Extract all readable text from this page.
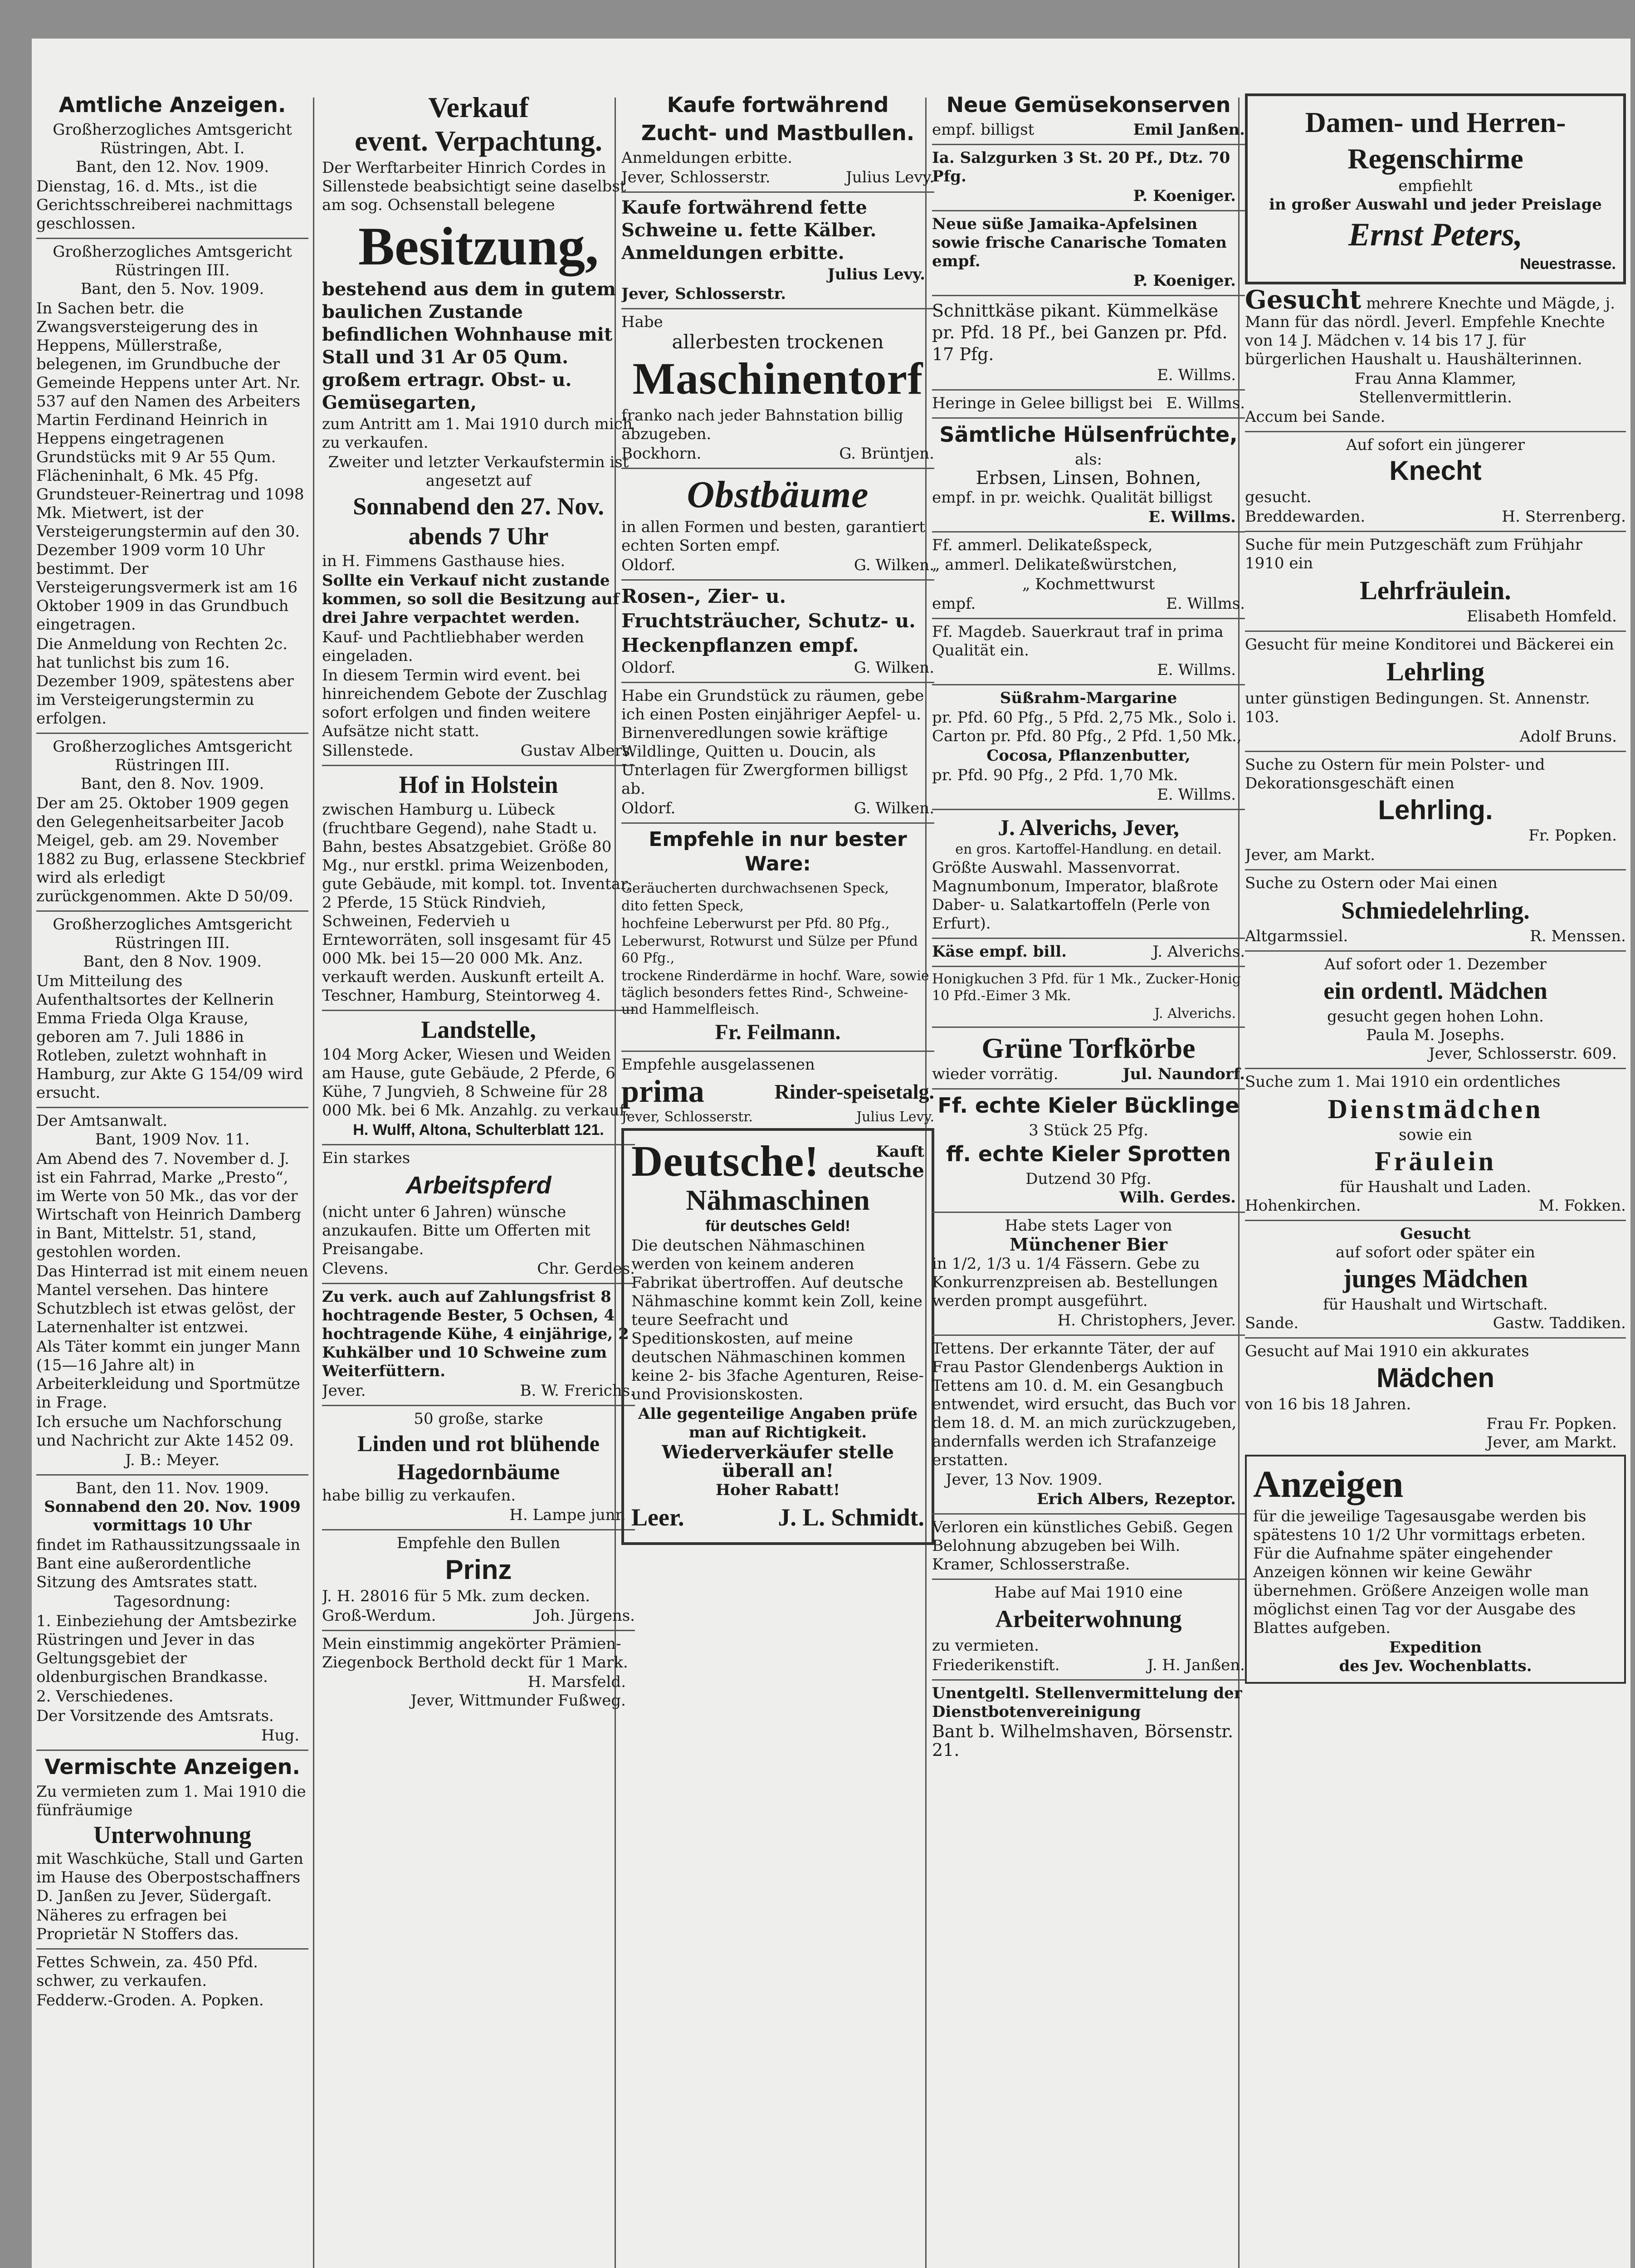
Amtliche Anzeigen.
Großherzogliches Amtsgericht
Rüstringen, Abt. I.
Bant, den 12. Nov. 1909.
Dienstag, 16. d. Mts., ist die Gerichtsschreiberei nachmittags geschlossen.
Großherzogliches Amtsgericht
Rüstringen III.
Bant, den 5. Nov. 1909.
In Sachen betr. die Zwangsversteigerung des in Heppens, Müllerstraße, belegenen, im Grundbuche der Gemeinde Heppens unter Art. Nr. 537 auf den Namen des Arbeiters Martin Ferdinand Heinrich in Heppens eingetragenen Grundstücks mit 9 Ar 55 Qum. Flächeninhalt, 6 Mk. 45 Pfg. Grundsteuer-Reinertrag und 1098 Mk. Mietwert, ist der Versteigerungstermin auf den 30. Dezember 1909 vorm 10 Uhr bestimmt. Der Versteigerungsvermerk ist am 16 Oktober 1909 in das Grundbuch eingetragen.
Die Anmeldung von Rechten 2c. hat tunlichst bis zum 16. Dezember 1909, spätestens aber im Versteigerungstermin zu erfolgen.
Großherzogliches Amtsgericht
Rüstringen III.
Bant, den 8. Nov. 1909.
Der am 25. Oktober 1909 gegen den Gelegenheitsarbeiter Jacob Meigel, geb. am 29. November 1882 zu Bug, erlassene Steckbrief wird als erledigt zurückgenommen. Akte D 50/09.
Großherzogliches Amtsgericht
Rüstringen III.
Bant, den 8 Nov. 1909.
Um Mitteilung des Aufenthaltsortes der Kellnerin Emma Frieda Olga Krause, geboren am 7. Juli 1886 in Rotleben, zuletzt wohnhaft in Hamburg, zur Akte G 154/09 wird ersucht.
Der Amtsanwalt.
Bant, 1909 Nov. 11.
Am Abend des 7. November d. J. ist ein Fahrrad, Marke „Presto“, im Werte von 50 Mk., das vor der Wirtschaft von Heinrich Damberg in Bant, Mittelstr. 51, stand, gestohlen worden.
Das Hinterrad ist mit einem neuen Mantel versehen. Das hintere Schutzblech ist etwas gelöst, der Laternenhalter ist entzwei.
Als Täter kommt ein junger Mann (15—16 Jahre alt) in Arbeiterkleidung und Sportmütze in Frage.
Ich ersuche um Nachforschung und Nachricht zur Akte 1452 09.
J. B.: Meyer.
Bant, den 11. Nov. 1909.
Sonnabend den 20. Nov. 1909 vormittags 10 Uhr
findet im Rathaussitzungssaale in Bant eine außerordentliche Sitzung des Amtsrates statt.
Tagesordnung:
1. Einbeziehung der Amtsbezirke Rüstringen und Jever in das Geltungsgebiet der oldenburgischen Brandkasse.
2. Verschiedenes.
Der Vorsitzende des Amtsrats.
Hug.
Vermischte Anzeigen.
Zu vermieten zum 1. Mai 1910 die fünfräumige
Unterwohnung
mit Waschküche, Stall und Garten im Hause des Oberpostschaffners D. Janßen zu Jever, Südergaſt.
Näheres zu erfragen bei Proprietär N Stoffers das.
Fettes Schwein, za. 450 Pfd. schwer, zu verkaufen.
Fedderw.-Groden. A. Popken.
Verkauf
event. Verpachtung.
Der Werftarbeiter Hinrich Cordes in Sillenstede beabsichtigt seine daselbst am sog. Ochsenstall belegene
Besitzung,
bestehend aus dem in gutem baulichen Zustande befindlichen Wohnhause mit Stall und 31 Ar 05 Qum. großem ertragr. Obst- u. Gemüsegarten,
zum Antritt am 1. Mai 1910 durch mich zu verkaufen.
Zweiter und letzter Verkaufstermin ist angesetzt auf
Sonnabend den 27. Nov.
abends 7 Uhr
in H. Fimmens Gasthause hies.
Sollte ein Verkauf nicht zustande kommen, so soll die Besitzung auf drei Jahre verpachtet werden.
Kauf- und Pachtliebhaber werden eingeladen.
In diesem Termin wird event. bei hinreichendem Gebote der Zuschlag sofort erfolgen und finden weitere Aufsätze nicht statt.
Sillenstede.	Gustav Albers.
Hof in Holstein
zwischen Hamburg u. Lübeck (fruchtbare Gegend), nahe Stadt u. Bahn, bestes Absatzgebiet. Größe 80 Mg., nur erstkl. prima Weizenboden, gute Gebäude, mit kompl. tot. Inventar, 2 Pferde, 15 Stück Rindvieh, Schweinen, Federvieh u Ernteworräten, soll insgesamt für 45 000 Mk. bei 15—20 000 Mk. Anz. verkauft werden. Auskunft erteilt A. Teschner, Hamburg, Steintorweg 4.
Landstelle,
104 Morg Acker, Wiesen und Weiden am Hause, gute Gebäude, 2 Pferde, 6 Kühe, 7 Jungvieh, 8 Schweine für 28 000 Mk. bei 6 Mk. Anzahlg. zu verkauf.
H. Wulff, Altona, Schulterblatt 121.
Ein starkes
Arbeitspferd
(nicht unter 6 Jahren) wünsche anzukaufen. Bitte um Offerten mit Preisangabe.
Clevens.	Chr. Gerdes.
Zu verk. auch auf Zahlungsfrist 8 hochtragende Bester, 5 Ochsen, 4 hochtragende Kühe, 4 einjährige, 2 Kuhkälber und 10 Schweine zum Weiterfüttern.
Jever.	B. W. Frerichs.
50 große, starke
Linden und rot blühende Hagedornbäume
habe billig zu verkaufen.
H. Lampe junr.
Empfehle den Bullen
Prinz
J. H. 28016 für 5 Mk. zum decken.
Groß-Werdum.	Joh. Jürgens.
Mein einstimmig angekörter Prämien-Ziegenbock Berthold deckt für 1 Mark.
H. Marsfeld.
Jever, Wittmunder Fußweg.
Kaufe fortwährend
Zucht- und Mastbullen.
Anmeldungen erbitte.
Jever, Schlosserstr.	Julius Levy.
Kaufe fortwährend fette Schweine u. fette Kälber. Anmeldungen erbitte.
Julius Levy.
Jever, Schlosserstr.
Habe
allerbesten trockenen
Maschinentorf
franko nach jeder Bahnstation billig abzugeben.
Bockhorn.	G. Brüntjen.
Obstbäume
in allen Formen und besten, garantiert echten Sorten empf.
Oldorf.	G. Wilken.
Rosen-, Zier- u. Fruchtsträucher, Schutz- u. Heckenpflanzen empf.
Oldorf.	G. Wilken.
Habe ein Grundstück zu räumen, gebe ich einen Posten einjähriger Aepfel- u. Birnenveredlungen sowie kräftige Wildlinge, Quitten u. Doucin, als Unterlagen für Zwergformen billigst ab.
Oldorf.	G. Wilken.
Empfehle in nur bester Ware:
Geräucherten durchwachsenen Speck,
dito fetten Speck,
hochfeine Leberwurst per Pfd. 80 Pfg.,
Leberwurst, Rotwurst und Sülze per Pfund 60 Pfg.,
trockene Rinderdärme in hochf. Ware, sowie täglich besonders fettes Rind-, Schweine- und Hammelfleisch.
Fr. Feilmann.
Empfehle ausgelassenen
prima	Rinder-speisetalg.
Jever, Schlosserstr.	Julius Levy.
Deutsche!	Kauft
deutsche
Nähmaschinen
für deutsches Geld!
Die deutschen Nähmaschinen werden von keinem anderen Fabrikat übertroffen. Auf deutsche Nähmaschine kommt kein Zoll, keine teure Seefracht und Speditionskosten, auf meine deutschen Nähmaschinen kommen keine 2- bis 3fache Agenturen, Reise- und Provisionskosten.
Alle gegenteilige Angaben prüfe man auf Richtigkeit.
Wiederverkäufer stelle überall an!
Hoher Rabatt!
Leer.	J. L. Schmidt.
Neue Gemüsekonserven
empf. billigst	Emil Janßen.
Ia. Salzgurken 3 St. 20 Pf., Dtz. 70 Pfg.
P. Koeniger.
Neue süße Jamaika-Apfelsinen sowie frische Canarische Tomaten empf.
P. Koeniger.
Schnittkäse pikant. Kümmelkäse pr. Pfd. 18 Pf., bei Ganzen pr. Pfd. 17 Pfg.
E. Willms.
Heringe in Gelee billigst bei E. Willms.
Sämtliche Hülsenfrüchte,
als:
Erbsen, Linsen, Bohnen,
empf. in pr. weichk. Qualität billigst
E. Willms.
Ff. ammerl. Delikateßspeck,
„ ammerl. Delikateßwürstchen,
„ Kochmettwurst
empf.	E. Willms.
Ff. Magdeb. Sauerkraut traf in prima Qualität ein.
E. Willms.
Süßrahm-Margarine
pr. Pfd. 60 Pfg., 5 Pfd. 2,75 Mk., Solo i. Carton pr. Pfd. 80 Pfg., 2 Pfd. 1,50 Mk.,
Cocosa, Pflanzenbutter,
pr. Pfd. 90 Pfg., 2 Pfd. 1,70 Mk.
E. Willms.
J. Alverichs, Jever,
en gros. Kartoffel-Handlung. en detail.
Größte Auswahl. Massenvorrat. Magnumbonum, Imperator, blaßrote Daber- u. Salatkartoffeln (Perle von Erfurt).
Käse empf. bill.	J. Alverichs.
Honigkuchen 3 Pfd. für 1 Mk., Zucker-Honig 10 Pfd.-Eimer 3 Mk.
J. Alverichs.
Grüne Torfkörbe
wieder vorrätig.	Jul. Naundorf.
Ff. echte Kieler Bücklinge
3 Stück 25 Pfg.
ff. echte Kieler Sprotten
Dutzend 30 Pfg.
Wilh. Gerdes.
Habe stets Lager von
Münchener Bier
in 1/2, 1/3 u. 1/4 Fässern. Gebe zu Konkurrenzpreisen ab. Bestellungen werden prompt ausgeführt.
H. Christophers, Jever.
Tettens. Der erkannte Täter, der auf Frau Pastor Glendenbergs Auktion in Tettens am 10. d. M. ein Gesangbuch entwendet, wird ersucht, das Buch vor dem 18. d. M. an mich zurückzugeben, andernfalls werden ich Strafanzeige erstatten.
Jever, 13 Nov. 1909.
Erich Albers, Rezeptor.
Verloren ein künstliches Gebiß. Gegen Belohnung abzugeben bei Wilh. Kramer, Schlosserstraße.
Habe auf Mai 1910 eine
Arbeiterwohnung
zu vermieten.
Friederikenstift.	J. H. Janßen.
Unentgeltl. Stellenvermittelung der Dienstbotenvereinigung
Bant b. Wilhelmshaven, Börsenstr. 21.
Damen- und Herren-Regenschirme
empfiehlt
in großer Auswahl und jeder Preislage
Ernst Peters,
Neuestrasse.
Gesucht mehrere Knechte und Mägde, j. Mann für das nördl. Jeverl. Empfehle Knechte von 14 J. Mädchen v. 14 bis 17 J. für bürgerlichen Haushalt u. Haushälterinnen.
Frau Anna Klammer,
Stellenvermittlerin.
Accum bei Sande.
Auf sofort ein jüngerer
Knecht
gesucht.
Breddewarden.	H. Sterrenberg.
Suche für mein Putzgeschäft zum Frühjahr 1910 ein
Lehrfräulein.
Elisabeth Homfeld.
Gesucht für meine Konditorei und Bäckerei ein
Lehrling
unter günstigen Bedingungen. St. Annenstr. 103.
Adolf Bruns.
Suche zu Ostern für mein Polster- und Dekorationsgeschäft einen
Lehrling.
Fr. Popken.
Jever, am Markt.
Suche zu Ostern oder Mai einen
Schmiedelehrling.
Altgarmssiel.	R. Menssen.
Auf sofort oder 1. Dezember
ein ordentl. Mädchen
gesucht gegen hohen Lohn.
Paula M. Josephs.
Jever, Schlosserstr. 609.
Suche zum 1. Mai 1910 ein ordentliches
Dienstmädchen
sowie ein
Fräulein
für Haushalt und Laden.
Hohenkirchen.	M. Fokken.
Gesucht
auf sofort oder später ein
junges Mädchen
für Haushalt und Wirtschaft.
Sande.	Gastw. Taddiken.
Gesucht auf Mai 1910 ein akkurates
Mädchen
von 16 bis 18 Jahren.
Frau Fr. Popken.
Jever, am Markt.
Anzeigen
für die jeweilige Tagesausgabe werden bis spätestens 10 1/2 Uhr vormittags erbeten. Für die Aufnahme später eingehender Anzeigen können wir keine Gewähr übernehmen. Größere Anzeigen wolle man möglichst einen Tag vor der Ausgabe des Blattes aufgeben.
Expedition
des Jev. Wochenblatts.
